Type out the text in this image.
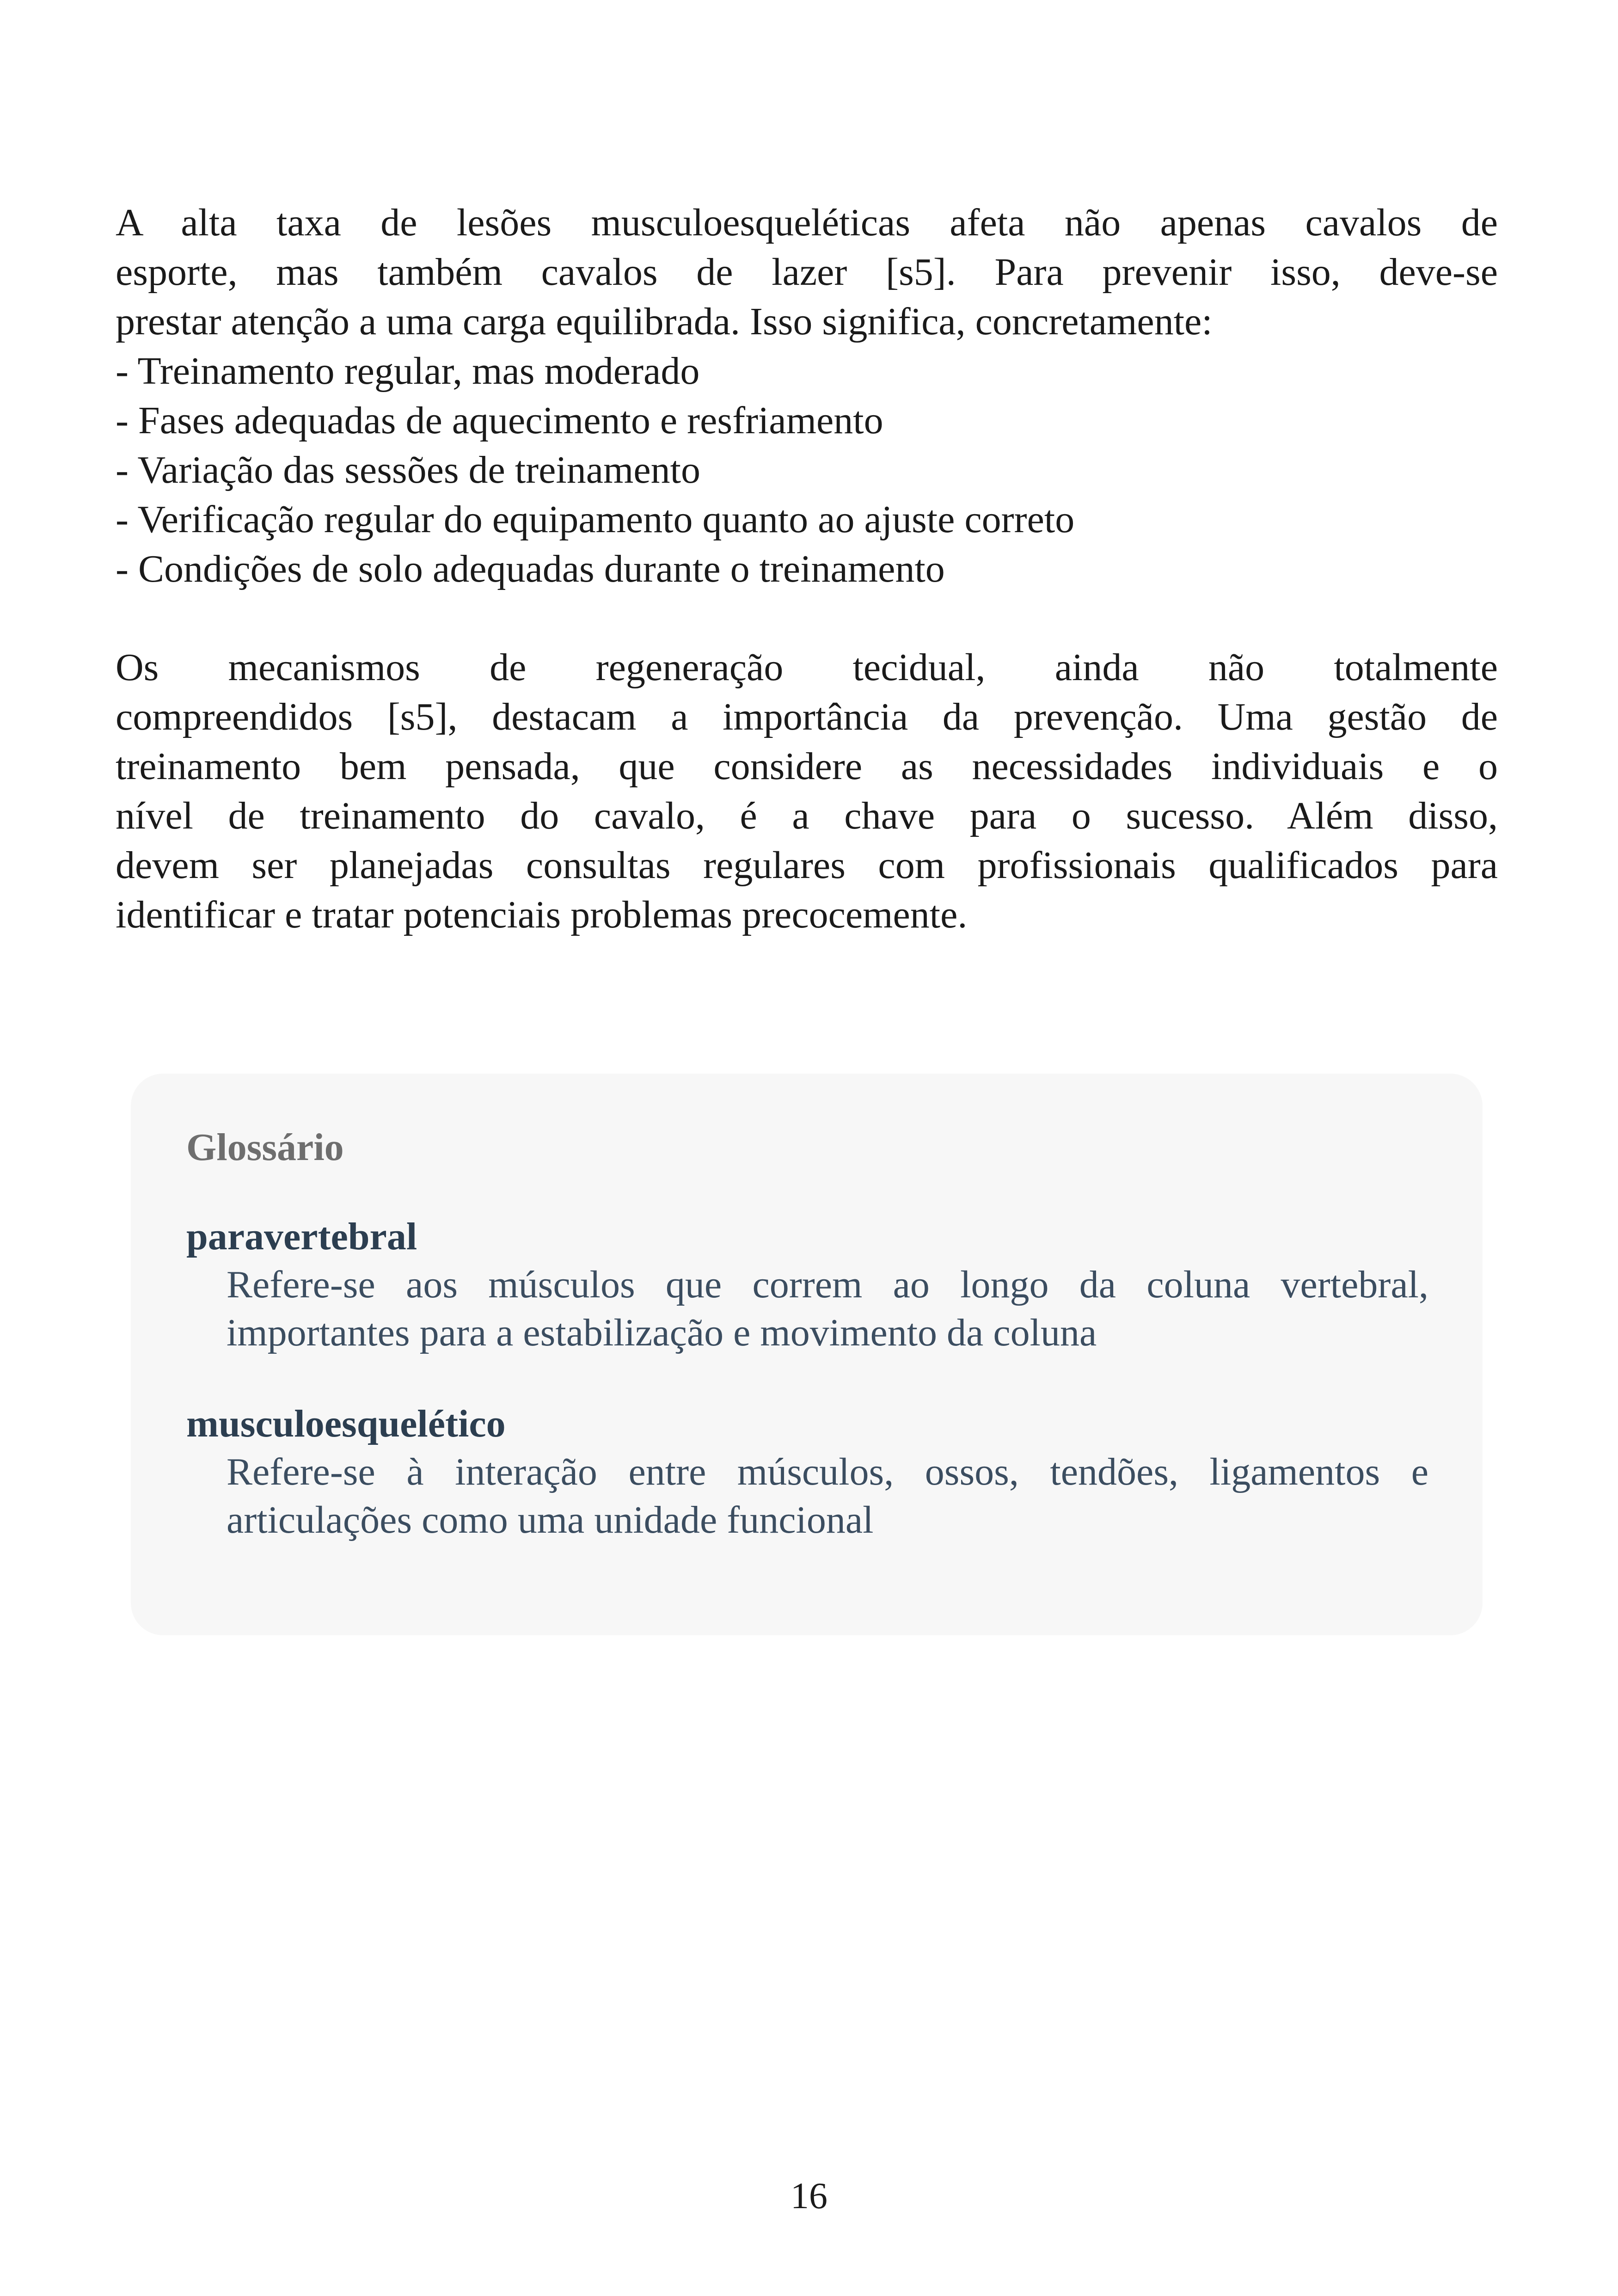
A alta taxa de lesões musculoesqueléticas afeta não apenas cavalos de
esporte, mas também cavalos de lazer [s5]. Para prevenir isso, deve-se
prestar atenção a uma carga equilibrada. Isso significa, concretamente:
- Treinamento regular, mas moderado
- Fases adequadas de aquecimento e resfriamento
- Variação das sessões de treinamento
- Verificação regular do equipamento quanto ao ajuste correto
- Condições de solo adequadas durante o treinamento
Os mecanismos de regeneração tecidual, ainda não totalmente
compreendidos [s5], destacam a importância da prevenção. Uma gestão de
treinamento bem pensada, que considere as necessidades individuais e o
nível de treinamento do cavalo, é a chave para o sucesso. Além disso,
devem ser planejadas consultas regulares com profissionais qualificados para
identificar e tratar potenciais problemas precocemente.

Glossário

paravertebral

Refere-se aos músculos que correm ao longo da coluna vertebral,
importantes para a estabilização e movimento da coluna

musculoesquelético

Refere-se à interação entre músculos, ossos, tendões, ligamentos e
articulações como uma unidade funcional

16
